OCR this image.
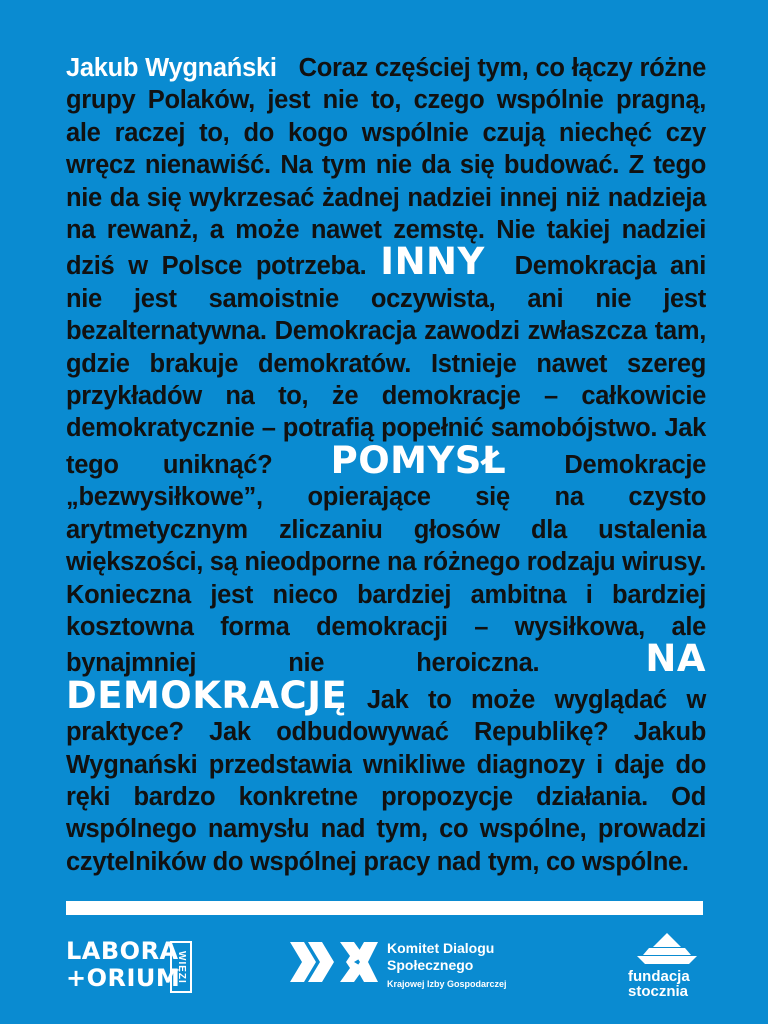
Jakub Wygnański Coraz częściej tym, co łączy różne grupy Polaków, jest nie to, czego wspólnie pragną, ale raczej to, do kogo wspólnie czują niechęć czy wręcz nienawiść. Na tym nie da się budować. Z tego nie da się wykrzesać żadnej nadziei innej niż nadzieja na rewanż, a może nawet zemstę. Nie takiej nadziei dziś w Polsce potrzeba. INNY Demokracja ani nie jest samoistnie oczywista, ani nie jest bezalternatywna. Demokracja zawodzi zwłaszcza tam, gdzie brakuje demokratów. Istnieje nawet szereg przykładów na to, że demokracje – całkowicie demokratycznie – potrafią popełnić samobójstwo. Jak tego uniknąć? POMYSŁ Demokracje „bezwysiłkowe”, opierające się na czysto arytmetycznym zliczaniu głosów dla ustalenia większości, są nieodporne na różnego rodzaju wirusy. Konieczna jest nieco bardziej ambitna i bardziej kosztowna forma demokracji – wysiłkowa, ale bynajmniej nie heroiczna.	NA DEMOKRACJĘ Jak to może wyglądać w praktyce? Jak odbudowywać Republikę? Jakub Wygnański przedstawia wnikliwe diagnozy i daje do ręki bardzo konkretne propozycje działania. Od wspólnego namysłu nad tym, co wspólne, prowadzi czytelników do wspólnej pracy nad tym, co wspólne.

LABORA
+ORIUM
WIĘZI
Komitet Dialogu
Społecznego
Krajowej Izby Gospodarczej	fundacja
stocznia
